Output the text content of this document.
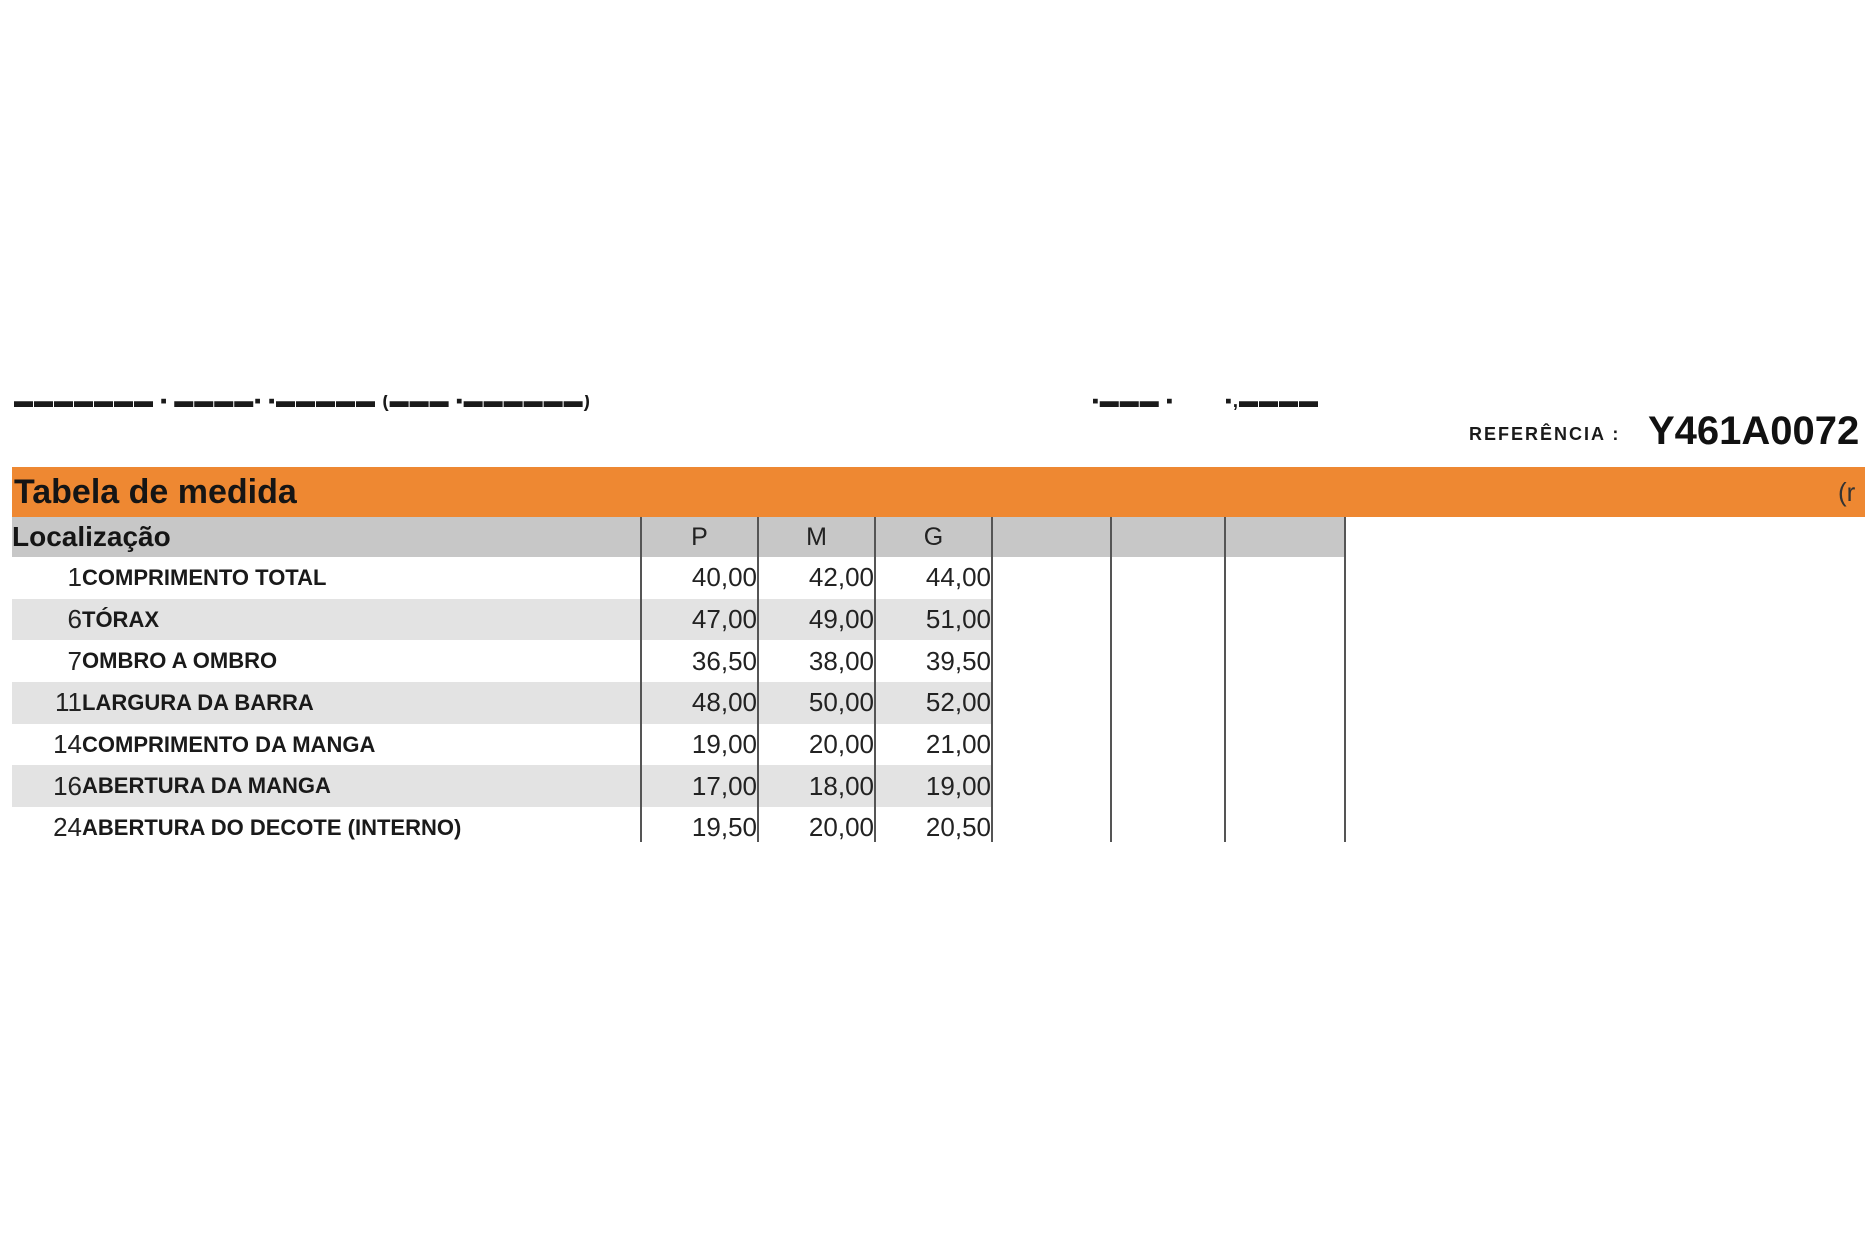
▬▬▬▬▬▬▬ ▪ ▬▬▬▬▪ ▪▬▬▬▬▬ (▬▬▬ ▪▬▬▬▬▬▬)	▪▬▬▬ ▪	▪,▬▬▬▬
REFERÊNCIA : Y461A0072
Tabela de medida	(r
Localização		P	M	G			
1	COMPRIMENTO TOTAL	40,00	42,00	44,00			
6	TÓRAX	47,00	49,00	51,00			
7	OMBRO A OMBRO	36,50	38,00	39,50			
11	LARGURA DA BARRA	48,00	50,00	52,00			
14	COMPRIMENTO DA MANGA	19,00	20,00	21,00			
16	ABERTURA DA MANGA	17,00	18,00	19,00			
24	ABERTURA DO DECOTE (INTERNO)	19,50	20,00	20,50			
